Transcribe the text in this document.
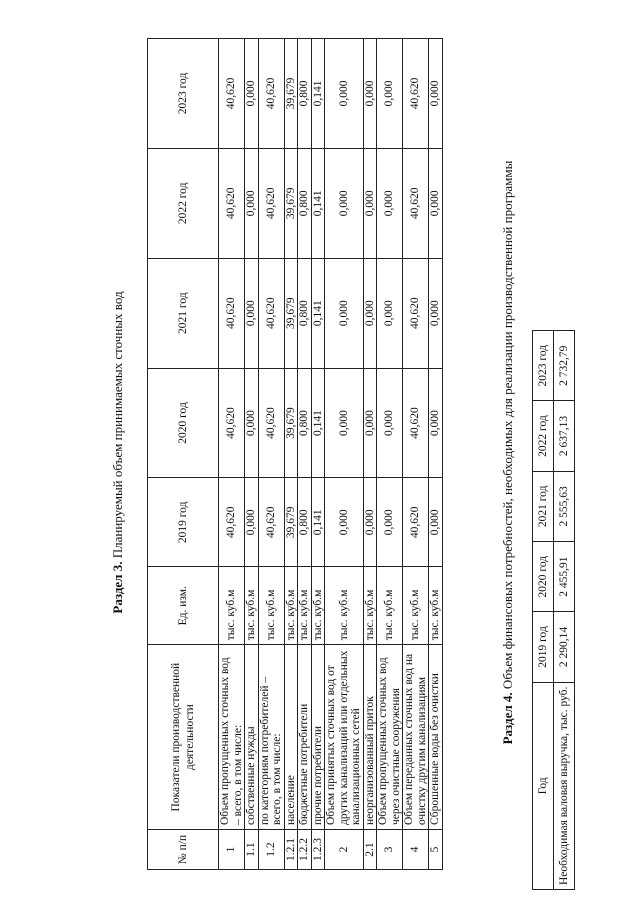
Раздел 3. Планируемый объем принимаемых сточных вод
№ п/п	Показатели производственной деятельности	Ед. изм.	2019 год	2020 год	2021 год	2022 год	2023 год
1	Объем пропущенных сточных вод – всего, в том числе:	тыс. куб.м	40,620	40,620	40,620	40,620	40,620
1.1	собственные нужды	тыс. куб.м	0,000	0,000	0,000	0,000	0,000
1.2	по категориям потребителей – всего, в том числе:	тыс. куб.м	40,620	40,620	40,620	40,620	40,620
1.2.1	население	тыс. куб.м	39,679	39,679	39,679	39,679	39,679
1.2.2	бюджетные потребители	тыс. куб.м	0,800	0,800	0,800	0,800	0,800
1.2.3	прочие потребители	тыс. куб.м	0,141	0,141	0,141	0,141	0,141
2	Объем принятых сточных вод от других канализаций или отдельных канализационных сетей	тыс. куб.м	0,000	0,000	0,000	0,000	0,000
2.1	неорганизованный приток	тыс. куб.м	0,000	0,000	0,000	0,000	0,000
3	Объем пропущенных сточных вод через очистные сооружения	тыс. куб.м	0,000	0,000	0,000	0,000	0,000
4	Объем переданных сточных вод на очистку другим канализациям	тыс. куб.м	40,620	40,620	40,620	40,620	40,620
5	Сброшенные воды без очистки	тыс. куб.м	0,000	0,000	0,000	0,000	0,000
Раздел 4. Объем финансовых потребностей, необходимых для реализации производственной программы
Год	2019 год	2020 год	2021 год	2022 год	2023 год
Необходимая валовая выручка, тыс. руб.	2 290,14	2 455,91	2 555,63	2 637,13	2 732,79
